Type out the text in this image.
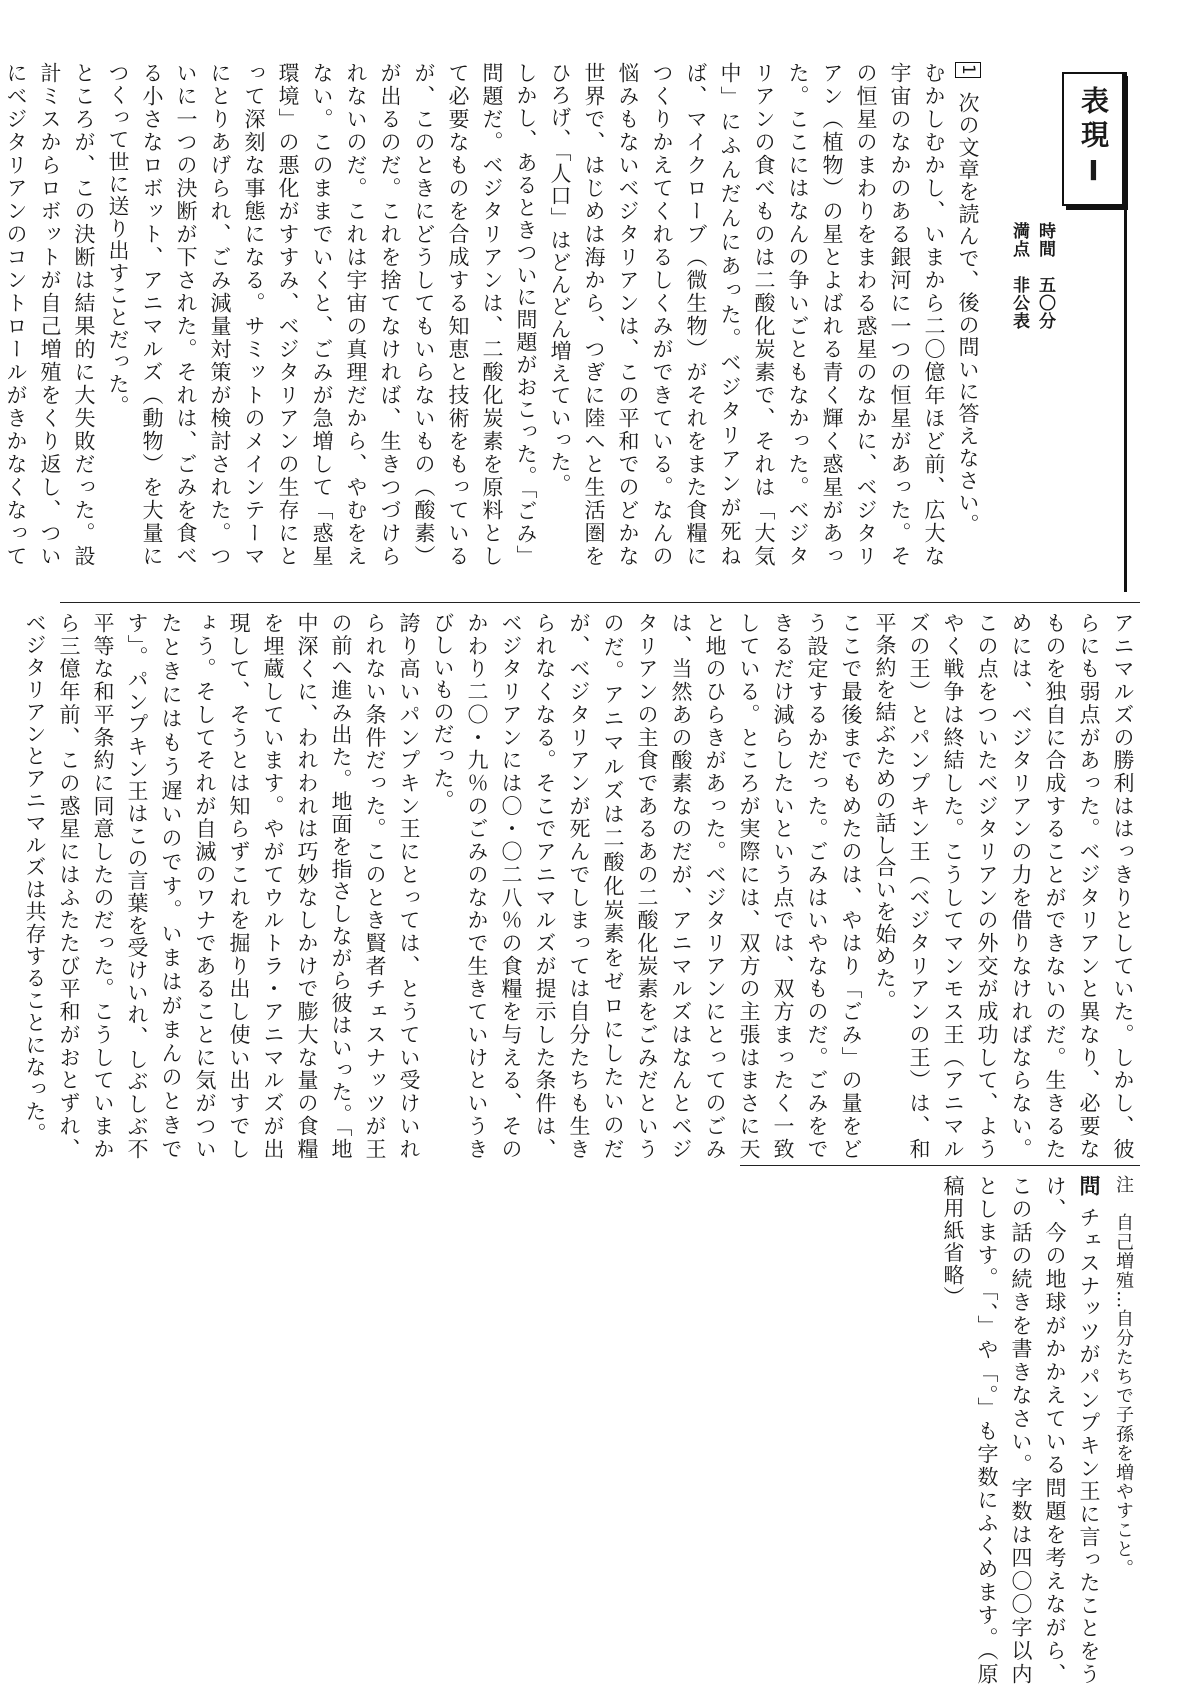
表現Ⅰ
時間　五〇分
満点　非公表

1 次の文章を読んで、後の問いに答えなさい。

むかしむかし、いまから二〇億年ほど前、広大な宇宙のなかのある銀河に一つの恒星があった。その恒星のまわりをまわる惑星のなかに、ベジタリアン（植物）の星とよばれる青く輝く惑星があった。ここにはなんの争いごともなかった。ベジタリアンの食べものは二酸化炭素で、それは「大気中」にふんだんにあった。ベジタリアンが死ねば、マイクローブ（微生物）がそれをまた食糧につくりかえてくれるしくみができている。なんの悩みもないベジタリアンは、この平和でのどかな世界で、はじめは海から、つぎに陸へと生活圏をひろげ、「人口」はどんどん増えていった。

しかし、あるときついに問題がおこった。「ごみ」問題だ。ベジタリアンは、二酸化炭素を原料として必要なものを合成する知恵と技術をもっているが、このときにどうしてもいらないもの（酸素）が出るのだ。これを捨てなければ、生きつづけられないのだ。これは宇宙の真理だから、やむをえない。このままでいくと、ごみが急増して「惑星環境」の悪化がすすみ、ベジタリアンの生存にとって深刻な事態になる。サミットのメインテーマにとりあげられ、ごみ減量対策が検討された。ついに一つの決断が下された。それは、ごみを食べる小さなロボット、アニマルズ（動物）を大量につくって世に送り出すことだった。

ところが、この決断は結果的に大失敗だった。設計ミスからロボットが自己増殖をくり返し、ついにベジタリアンのコントロールがきかなくなって

アニマルズの勝利ははっきりとしていた。しかし、彼らにも弱点があった。ベジタリアンと異なり、必要なものを独自に合成することができないのだ。生きるためには、ベジタリアンの力を借りなければならない。この点をついたベジタリアンの外交が成功して、ようやく戦争は終結した。こうしてマンモス王（アニマルズの王）とパンプキン王（ベジタリアンの王）は、和平条約を結ぶための話し合いを始めた。

ここで最後までもめたのは、やはり「ごみ」の量をどう設定するかだった。ごみはいやなものだ。ごみをできるだけ減らしたいという点では、双方まったく一致している。ところが実際には、双方の主張はまさに天と地のひらきがあった。ベジタリアンにとってのごみは、当然あの酸素なのだが、アニマルズはなんとベジタリアンの主食であるあの二酸化炭素をごみだというのだ。アニマルズは二酸化炭素をゼロにしたいのだが、ベジタリアンが死んでしまっては自分たちも生きられなくなる。そこでアニマルズが提示した条件は、ベジタリアンには〇・〇二八％の食糧を与える、そのかわり二〇・九％のごみのなかで生きていけというきびしいものだった。

誇り高いパンプキン王にとっては、とうてい受けいれられない条件だった。このとき賢者チェスナッツが王の前へ進み出た。地面を指さしながら彼はいった。「地中深くに、われわれは巧妙なしかけで膨大な量の食糧を埋蔵しています。やがてウルトラ・アニマルズが出現して、そうとは知らずこれを掘り出し使い出すでしょう。そしてそれが自滅のワナであることに気がついたときにはもう遅いのです。いまはがまんのときです」。パンプキン王はこの言葉を受けいれ、しぶしぶ不平等な和平条約に同意したのだった。こうしていまから三億年前、この惑星にはふたたび平和がおとずれ、ベジタリアンとアニマルズは共存することになった。

注　自己増殖…自分たちで子孫を増やすこと。

問 チェスナッツがパンプキン王に言ったことをうけ、今の地球がかかえている問題を考えながら、この話の続きを書きなさい。字数は四〇〇字以内とします。「、」や「。」も字数にふくめます。（原稿用紙省略）
